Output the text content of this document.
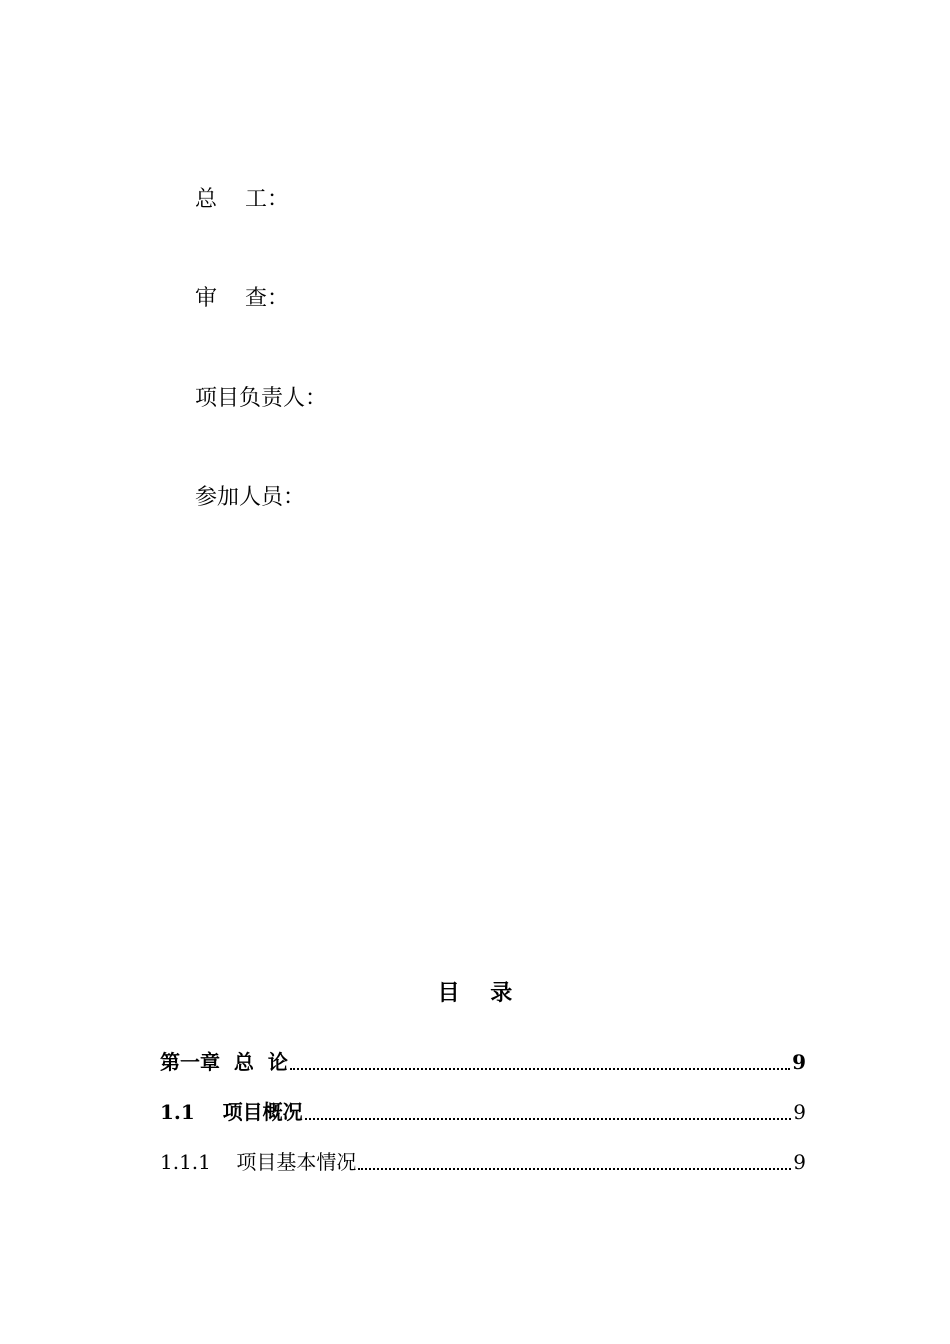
总    工：
审    查：
项目负责人：
参加人员：
目    录
第一章  总  论	9
1.1 项目概况	9
1.1.1 项目基本情况	9
